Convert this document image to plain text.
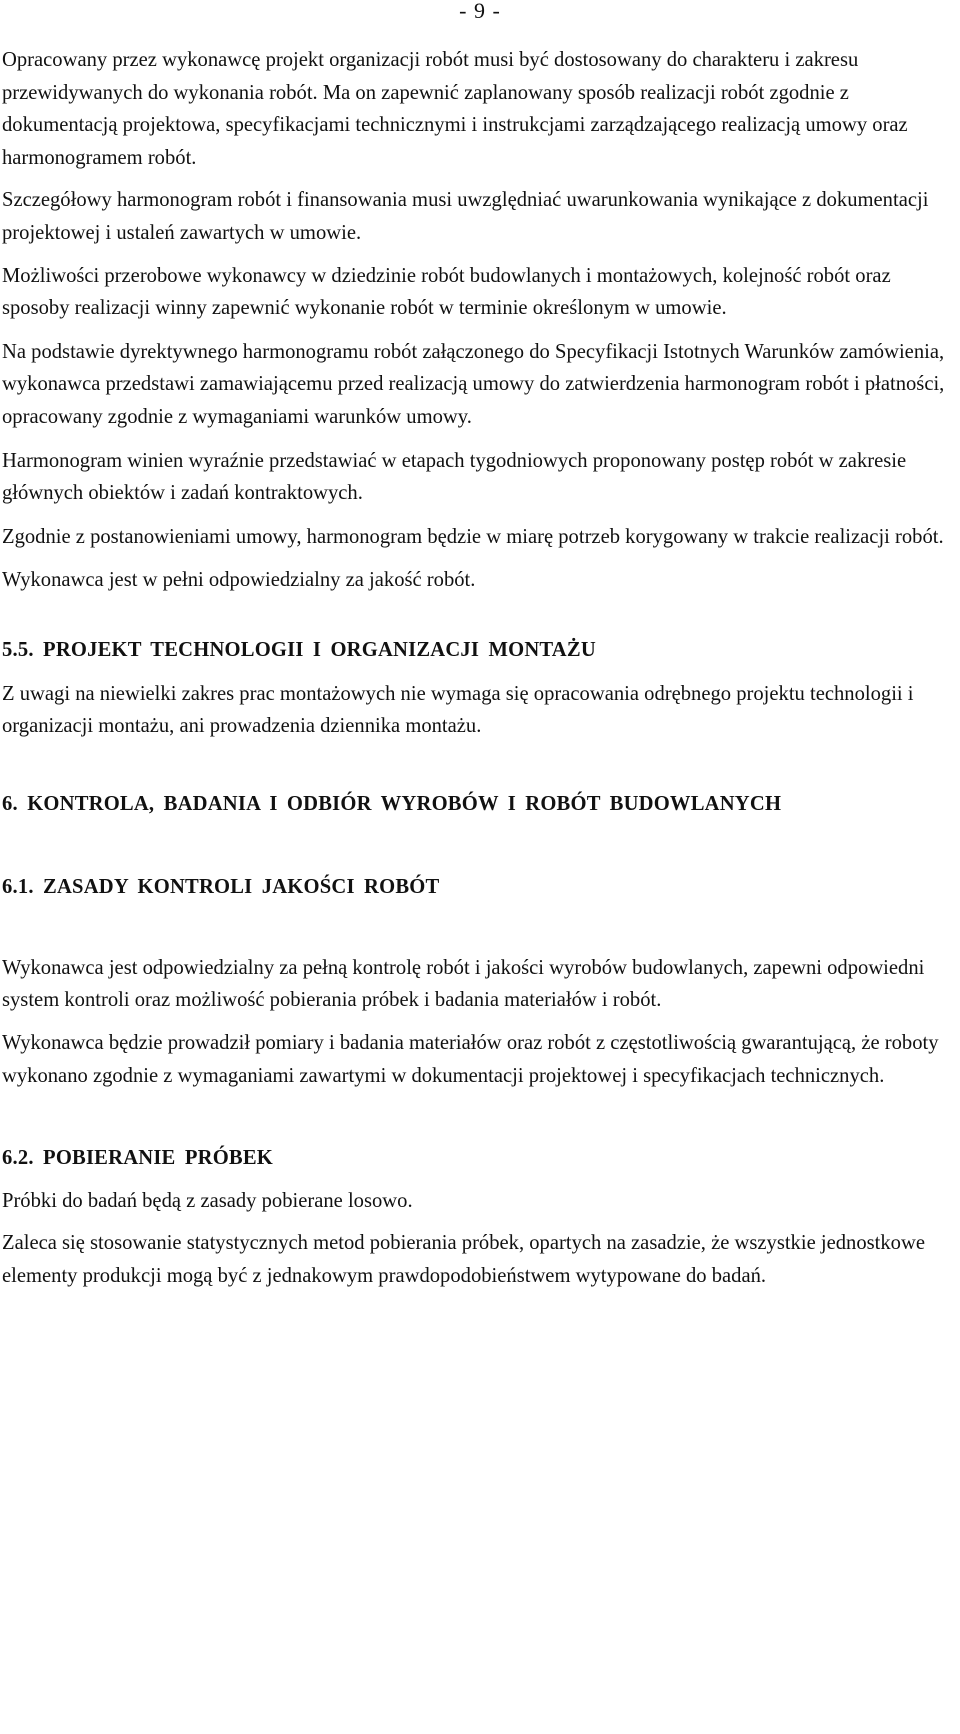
- 9 -

Opracowany przez wykonawcę projekt organizacji robót musi być dostosowany do charakteru i zakresu przewidywanych do wykonania robót. Ma on zapewnić zaplanowany sposób realizacji robót zgodnie z dokumentacją projektowa, specyfikacjami technicznymi i instrukcjami zarządzającego realizacją umowy oraz harmonogramem robót.

Szczegółowy harmonogram robót i finansowania musi uwzględniać uwarunkowania wynikające z dokumentacji projektowej i ustaleń zawartych w umowie.

Możliwości przerobowe wykonawcy w dziedzinie robót budowlanych i montażowych, kolejność robót oraz sposoby realizacji winny zapewnić wykonanie robót w terminie określonym w umowie.

Na podstawie dyrektywnego harmonogramu robót załączonego do Specyfikacji Istotnych Warunków zamówienia, wykonawca przedstawi zamawiającemu przed realizacją umowy do zatwierdzenia harmonogram robót i płatności, opracowany zgodnie z wymaganiami warunków umowy.

Harmonogram winien wyraźnie przedstawiać w etapach tygodniowych proponowany postęp robót w zakresie głównych obiektów i zadań kontraktowych.

Zgodnie z postanowieniami umowy, harmonogram będzie w miarę potrzeb korygowany w trakcie realizacji robót.

Wykonawca jest w pełni odpowiedzialny za jakość robót.

5.5. PROJEKT TECHNOLOGII I ORGANIZACJI MONTAŻU

Z uwagi na niewielki zakres prac montażowych nie wymaga się opracowania odrębnego projektu technologii i organizacji montażu, ani prowadzenia dziennika montażu.

6. KONTROLA, BADANIA I ODBIÓR WYROBÓW I ROBÓT BUDOWLANYCH
6.1. ZASADY KONTROLI JAKOŚCI ROBÓT

Wykonawca jest odpowiedzialny za pełną kontrolę robót i jakości wyrobów budowlanych, zapewni odpowiedni system kontroli oraz możliwość pobierania próbek i badania materiałów i robót.

Wykonawca będzie prowadził pomiary i badania materiałów oraz robót z częstotliwością gwarantującą, że roboty wykonano zgodnie z wymaganiami zawartymi w dokumentacji projektowej i specyfikacjach technicznych.

6.2. POBIERANIE PRÓBEK

Próbki do badań będą z zasady pobierane losowo.

Zaleca się stosowanie statystycznych metod pobierania próbek, opartych na zasadzie, że wszystkie jednostkowe elementy produkcji mogą być z jednakowym prawdopodobieństwem wytypowane do badań.
